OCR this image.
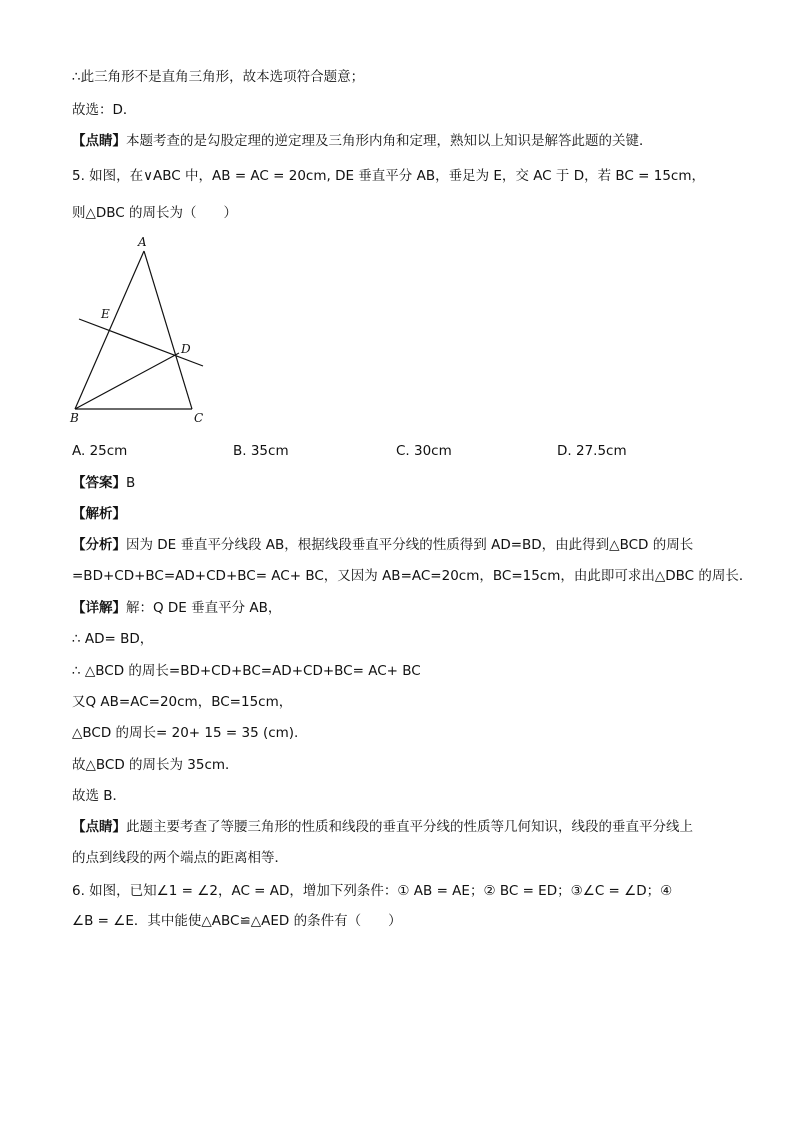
∴此三角形不是直角三角形，故本选项符合题意；
故选：D．
【点睛】本题考查的是勾股定理的逆定理及三角形内角和定理，熟知以上知识是解答此题的关键．
5. 如图，在∨ABC 中，AB = AC = 20cm, DE 垂直平分 AB，垂足为 E，交 AC 于 D，若 BC = 15cm，
则△DBC 的周长为（　　）
A
E
D
B	C
A. 25cm	B. 35cm	C. 30cm	D. 27.5cm
【答案】B
【解析】
【分析】因为 DE 垂直平分线段 AB，根据线段垂直平分线的性质得到 AD=BD，由此得到△BCD 的周长
=BD+CD+BC=AD+CD+BC= AC+ BC，又因为 AB=AC=20cm，BC=15cm，由此即可求出△DBC 的周长．
【详解】解：Q DE 垂直平分 AB，
∴ AD= BD，
∴ △BCD 的周长=BD+CD+BC=AD+CD+BC= AC+ BC
又Q AB=AC=20cm，BC=15cm，
△BCD 的周长= 20+ 15 = 35 (cm).
故△BCD 的周长为 35cm．
故选 B．
【点睛】此题主要考查了等腰三角形的性质和线段的垂直平分线的性质等几何知识，线段的垂直平分线上
的点到线段的两个端点的距离相等．
6. 如图，已知∠1 = ∠2，AC = AD，增加下列条件：① AB = AE；② BC = ED；③∠C = ∠D；④
∠B = ∠E．其中能使△ABC≌△AED 的条件有（　　）
